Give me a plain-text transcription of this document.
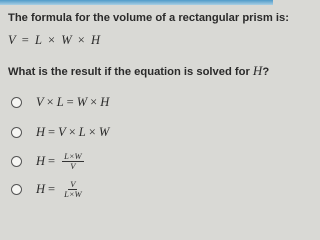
The formula for the volume of a rectangular prism is:
V = L × W × H
What is the result if the equation is solved for H?
V × L = W × H
H = V × L × W
$H = \frac{L\times W}{V}$
$H = \frac{V}{L\times W}$
